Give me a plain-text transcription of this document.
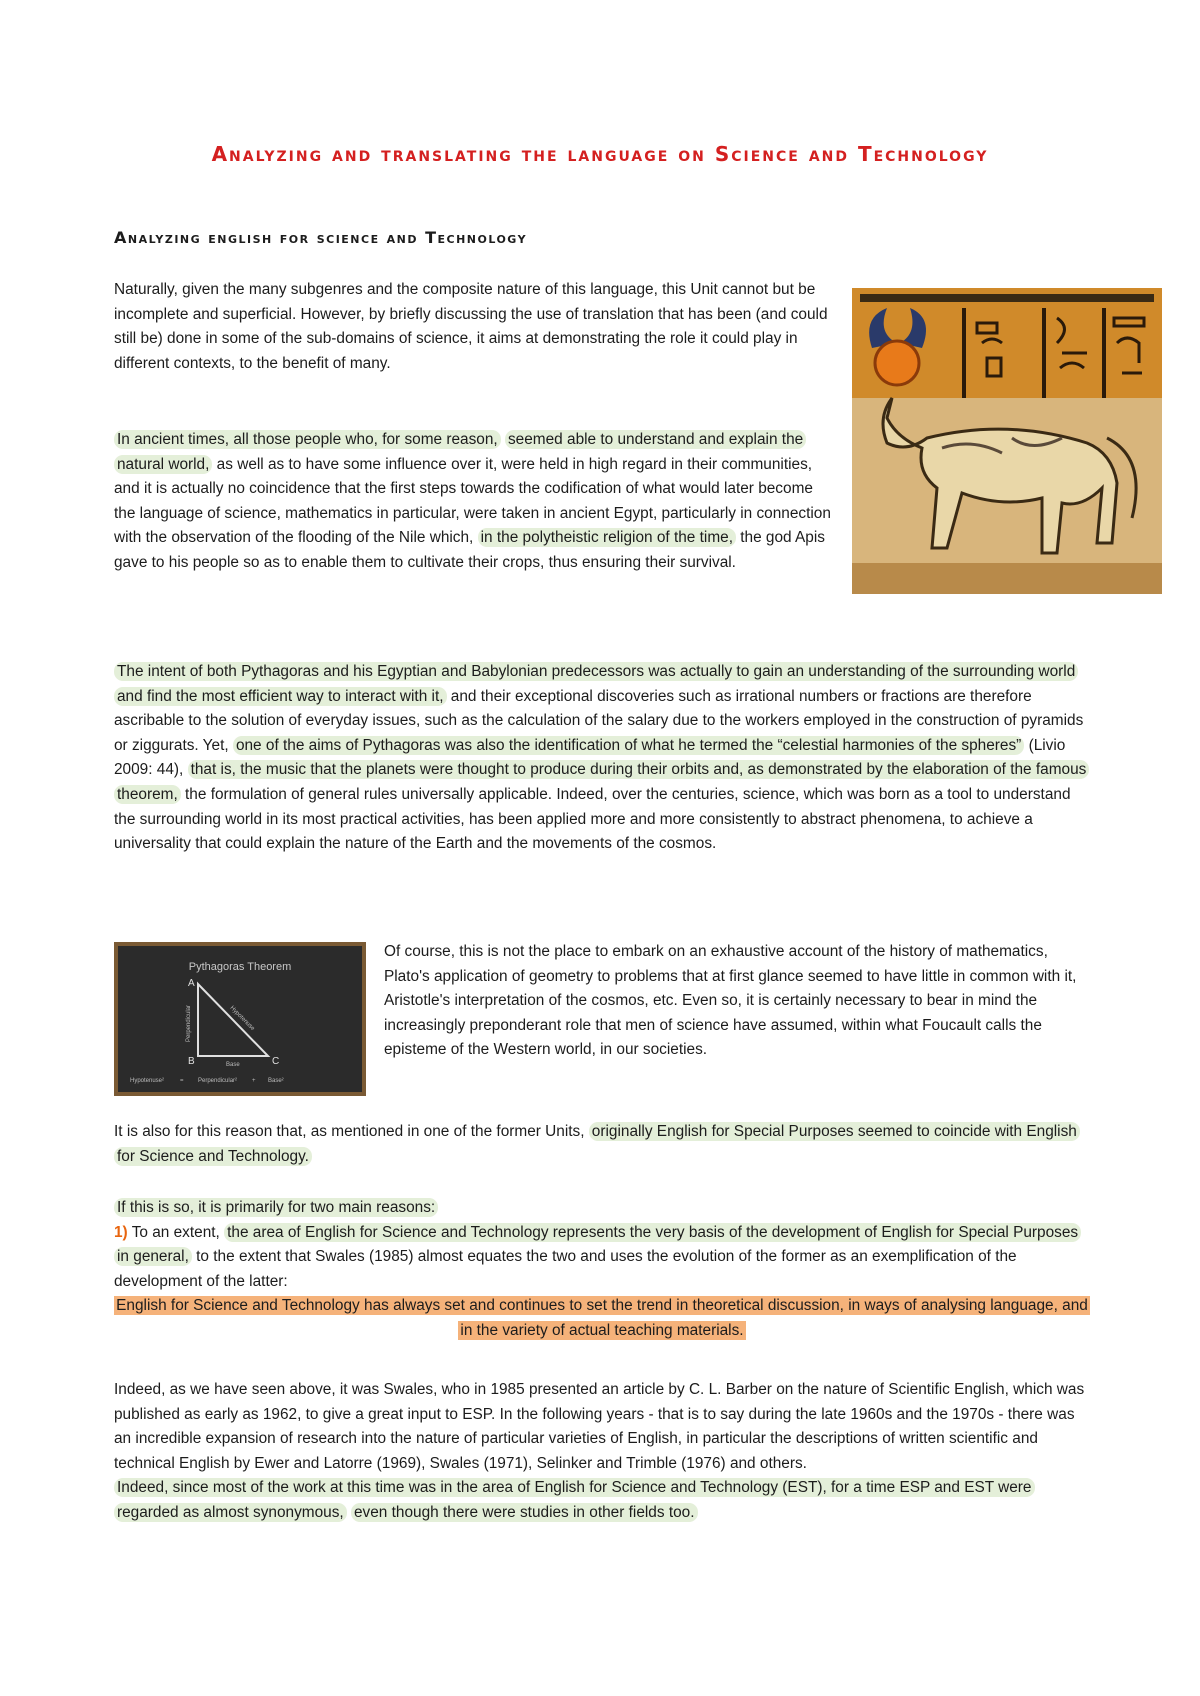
Analyzing and translating the language on Science and Technology
Analyzing english for science and Technology

Naturally, given the many subgenres and the composite nature of this language, this Unit cannot but be incomplete and superficial. However, by briefly discussing the use of translation that has been (and could still be) done in some of the sub-domains of science, it aims at demonstrating the role it could play in different contexts, to the benefit of many.

In ancient times, all those people who, for some reason, seemed able to understand and explain the natural world, as well as to have some influence over it, were held in high regard in their communities, and it is actually no coincidence that the first steps towards the codification of what would later become the language of science, mathematics in particular, were taken in ancient Egypt, particularly in connection with the observation of the flooding of the Nile which, in the polytheistic religion of the time, the god Apis gave to his people so as to enable them to cultivate their crops, thus ensuring their survival.

The intent of both Pythagoras and his Egyptian and Babylonian predecessors was actually to gain an understanding of the surrounding world and find the most efficient way to interact with it, and their exceptional discoveries such as irrational numbers or fractions are therefore ascribable to the solution of everyday issues, such as the calculation of the salary due to the workers employed in the construction of pyramids or ziggurats. Yet, one of the aims of Pythagoras was also the identification of what he termed the “celestial harmonies of the spheres” (Livio 2009: 44), that is, the music that the planets were thought to produce during their orbits and, as demonstrated by the elaboration of the famous theorem, the formulation of general rules universally applicable. Indeed, over the centuries, science, which was born as a tool to understand the surrounding world in its most practical activities, has been applied more and more consistently to abstract phenomena, to achieve a universality that could explain the nature of the Earth and the movements of the cosmos.

Pythagoras Theorem
A
B	C
Perpendicular	Hypotenuse
Base
Hypotenuse²	= Perpendicular² + Base²

Of course, this is not the place to embark on an exhaustive account of the history of mathematics, Plato's application of geometry to problems that at first glance seemed to have little in common with it, Aristotle's interpretation of the cosmos, etc. Even so, it is certainly necessary to bear in mind the increasingly preponderant role that men of science have assumed, within what Foucault calls the episteme of the Western world, in our societies.

It is also for this reason that, as mentioned in one of the former Units, originally English for Special Purposes seemed to coincide with English for Science and Technology.

If this is so, it is primarily for two main reasons:
1) To an extent, the area of English for Science and Technology represents the very basis of the development of English for Special Purposes in general, to the extent that Swales (1985) almost equates the two and uses the evolution of the former as an exemplification of the development of the latter:

English for Science and Technology has always set and continues to set the trend in theoretical discussion, in ways of analysing language, and in the variety of actual teaching materials.

Indeed, as we have seen above, it was Swales, who in 1985 presented an article by C. L. Barber on the nature of Scientific English, which was published as early as 1962, to give a great input to ESP. In the following years - that is to say during the late 1960s and the 1970s - there was an incredible expansion of research into the nature of particular varieties of English, in particular the descriptions of written scientific and technical English by Ewer and Latorre (1969), Swales (1971), Selinker and Trimble (1976) and others.
Indeed, since most of the work at this time was in the area of English for Science and Technology (EST), for a time ESP and EST were regarded as almost synonymous, even though there were studies in other fields too.
